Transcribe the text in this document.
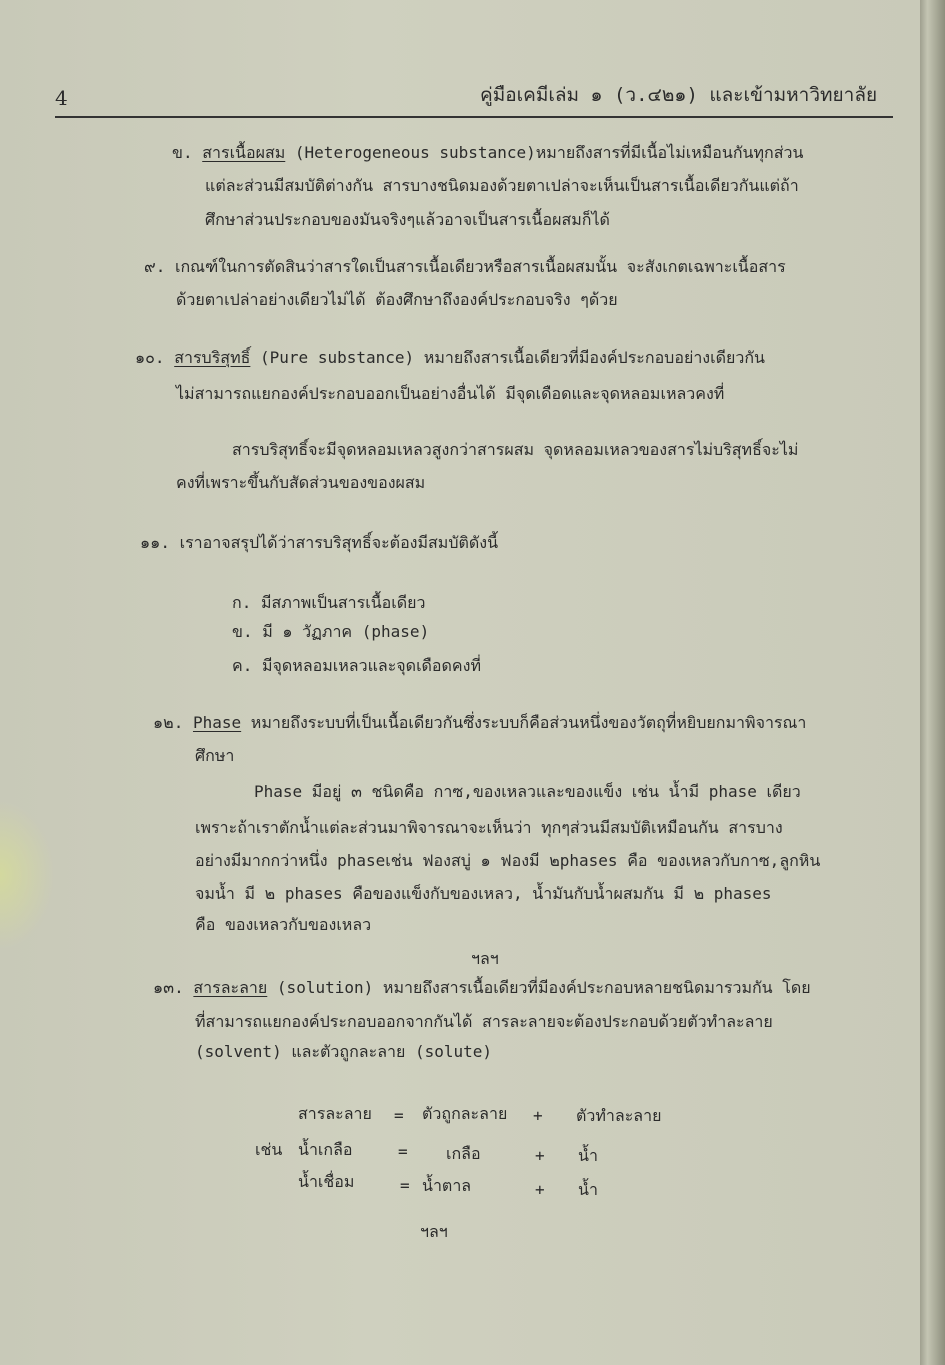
4	คู่มือเคมีเล่ม ๑ (ว.๔๒๑) และเข้ามหาวิทยาลัย
ข. สารเนื้อผสม (Heterogeneous substance)หมายถึงสารที่มีเนื้อไม่เหมือนกันทุกส่วน
แต่ละส่วนมีสมบัติต่างกัน สารบางชนิดมองด้วยตาเปล่าจะเห็นเป็นสารเนื้อเดียวกันแต่ถ้า
ศึกษาส่วนประกอบของมันจริงๆแล้วอาจเป็นสารเนื้อผสมก็ได้
๙. เกณฑ์ในการตัดสินว่าสารใดเป็นสารเนื้อเดียวหรือสารเนื้อผสมนั้น จะสังเกตเฉพาะเนื้อสาร
ด้วยตาเปล่าอย่างเดียวไม่ได้ ต้องศึกษาถึงองค์ประกอบจริง ๆด้วย
๑๐. สารบริสุทธิ์ (Pure substance) หมายถึงสารเนื้อเดียวที่มีองค์ประกอบอย่างเดียวกัน
ไม่สามารถแยกองค์ประกอบออกเป็นอย่างอื่นได้ มีจุดเดือดและจุดหลอมเหลวคงที่
สารบริสุทธิ์จะมีจุดหลอมเหลวสูงกว่าสารผสม จุดหลอมเหลวของสารไม่บริสุทธิ์จะไม่
คงที่เพราะขึ้นกับสัดส่วนของของผสม
๑๑. เราอาจสรุปได้ว่าสารบริสุทธิ์จะต้องมีสมบัติดังนี้
ก. มีสภาพเป็นสารเนื้อเดียว
ข. มี ๑ วัฏภาค (phase)
ค. มีจุดหลอมเหลวและจุดเดือดคงที่
๑๒. Phase หมายถึงระบบที่เป็นเนื้อเดียวกันซึ่งระบบก็คือส่วนหนึ่งของวัตถุที่หยิบยกมาพิจารณา
ศึกษา
Phase มีอยู่ ๓ ชนิดคือ กาซ,ของเหลวและของแข็ง เช่น น้ำมี phase เดียว
เพราะถ้าเราตักน้ำแต่ละส่วนมาพิจารณาจะเห็นว่า ทุกๆส่วนมีสมบัติเหมือนกัน สารบาง
อย่างมีมากกว่าหนึ่ง phaseเช่น ฟองสบู่ ๑ ฟองมี ๒phases คือ ของเหลวกับกาซ,ลูกหิน
จมน้ำ มี ๒ phases คือของแข็งกับของเหลว, น้ำมันกับน้ำผสมกัน มี ๒ phases
คือ ของเหลวกับของเหลว
ฯลฯ
๑๓. สารละลาย (solution) หมายถึงสารเนื้อเดียวที่มีองค์ประกอบหลายชนิดมารวมกัน โดย
ที่สามารถแยกองค์ประกอบออกจากกันได้ สารละลายจะต้องประกอบด้วยตัวทำละลาย
(solvent) และตัวถูกละลาย (solute)
สารละลาย = ตัวถูกละลาย + ตัวทำละลาย
เช่น น้ำเกลือ	= เกลือ	+ น้ำ
น้ำเชื่อม	= น้ำตาล	+ น้ำ
ฯลฯ
